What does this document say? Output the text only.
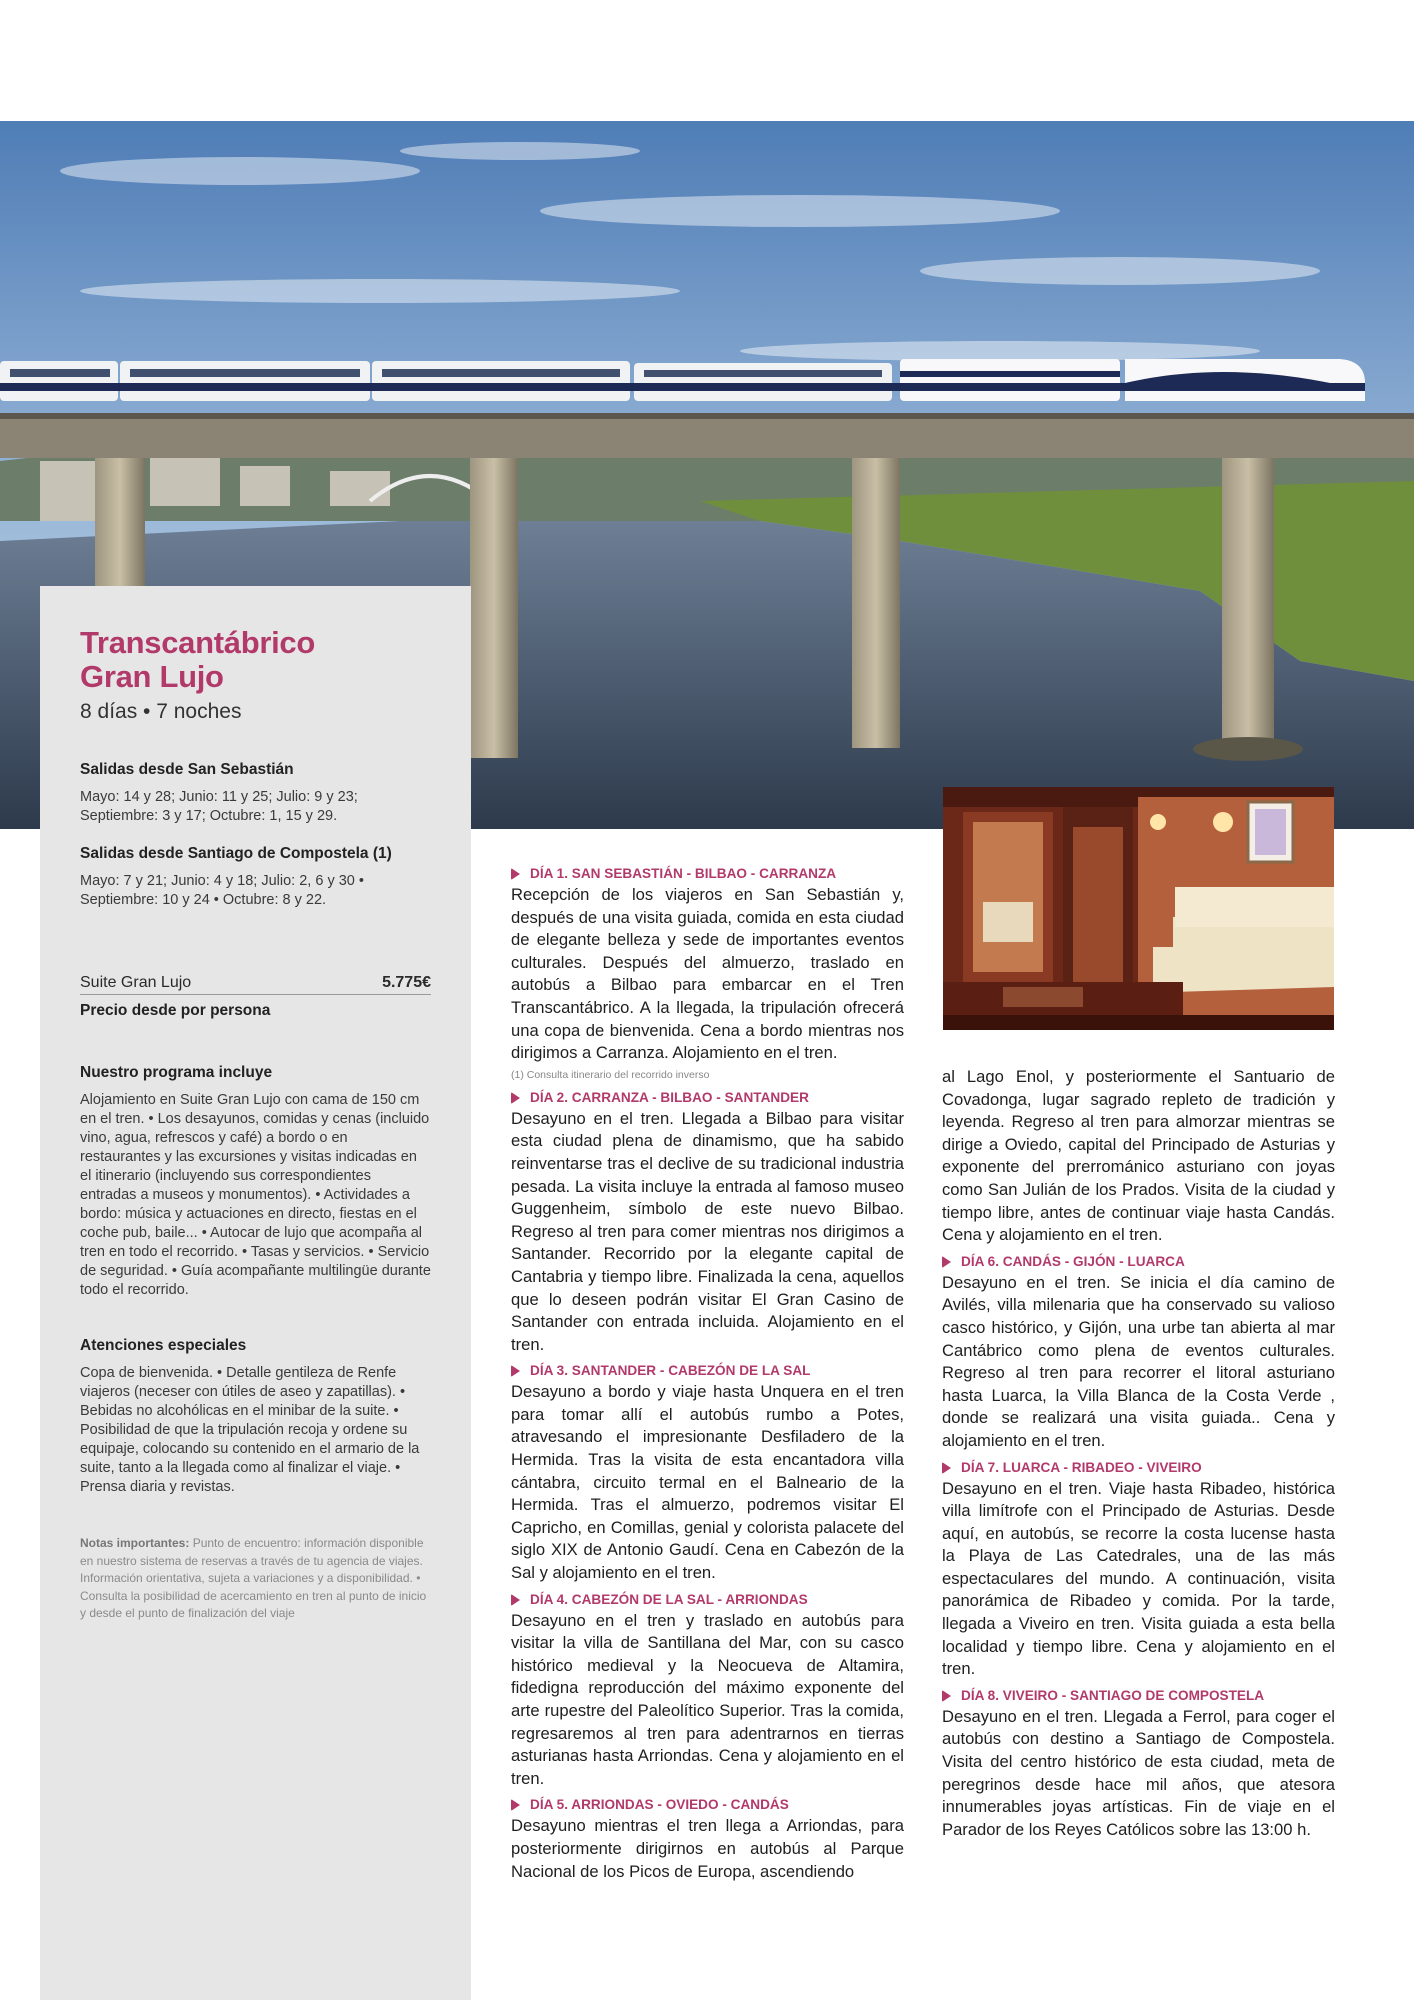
Transcantábrico
Gran Lujo
8 días • 7 noches
Salidas desde San Sebastián
Mayo: 14 y 28; Junio: 11 y 25; Julio: 9 y 23; Septiembre: 3 y 17; Octubre: 1, 15 y 29.
Salidas desde Santiago de Compostela (1)
Mayo: 7 y 21; Junio: 4 y 18; Julio: 2, 6 y 30 • Septiembre: 10 y 24 • Octubre: 8 y 22.
Suite Gran Lujo	5.775€
Precio desde por persona
Nuestro programa incluye
Alojamiento en Suite Gran Lujo con cama de 150 cm en el tren. • Los desayunos, comidas y cenas (incluido vino, agua, refrescos y café) a bordo o en restaurantes y las excursiones y visitas indicadas en el itinerario (incluyendo sus correspondientes entradas a museos y monumentos). • Actividades a bordo: música y actuaciones en directo, fiestas en el coche pub, baile... • Autocar de lujo que acompaña al tren en todo el recorrido. • Tasas y servicios. • Servicio de seguridad. • Guía acompañante multilingüe durante todo el recorrido.
Atenciones especiales
Copa de bienvenida. • Detalle gentileza de Renfe viajeros (neceser con útiles de aseo y zapatillas). • Bebidas no alcohólicas en el minibar de la suite. • Posibilidad de que la tripulación recoja y ordene su equipaje, colocando su contenido en el armario de la suite, tanto a la llegada como al finalizar el viaje. • Prensa diaria y revistas.
Notas importantes: Punto de encuentro: información disponible en nuestro sistema de reservas a través de tu agencia de viajes. Información orientativa, sujeta a variaciones y a disponibilidad. • Consulta la posibilidad de acercamiento en tren al punto de inicio y desde el punto de finalización del viaje
DÍA 1. SAN SEBASTIÁN - BILBAO - CARRANZA
Recepción de los viajeros en San Sebastián y, después de una visita guiada, comida en esta ciudad de elegante belleza y sede de importantes eventos culturales. Después del almuerzo, traslado en autobús a Bilbao para embarcar en el Tren Transcantábrico. A la llegada, la tripulación ofrecerá una copa de bienvenida. Cena a bordo mientras nos dirigimos a Carranza. Alojamiento en el tren.
(1) Consulta itinerario del recorrido inverso
DÍA 2. CARRANZA - BILBAO - SANTANDER
Desayuno en el tren. Llegada a Bilbao para visitar esta ciudad plena de dinamismo, que ha sabido reinventarse tras el declive de su tradicional industria pesada. La visita incluye la entrada al famoso museo Guggenheim, símbolo de este nuevo Bilbao. Regreso al tren para comer mientras nos dirigimos a Santander. Recorrido por la elegante capital de Cantabria y tiempo libre. Finalizada la cena, aquellos que lo deseen podrán visitar El Gran Casino de Santander con entrada incluida. Alojamiento en el tren.
DÍA 3. SANTANDER - CABEZÓN DE LA SAL
Desayuno a bordo y viaje hasta Unquera en el tren para tomar allí el autobús rumbo a Potes, atravesando el impresionante Desfiladero de la Hermida. Tras la visita de esta encantadora villa cántabra, circuito termal en el Balneario de la Hermida. Tras el almuerzo, podremos visitar El Capricho, en Comillas, genial y colorista palacete del siglo XIX de Antonio Gaudí. Cena en Cabezón de la Sal y alojamiento en el tren.
DÍA 4. CABEZÓN DE LA SAL - ARRIONDAS
Desayuno en el tren y traslado en autobús para visitar la villa de Santillana del Mar, con su casco histórico medieval y la Neocueva de Altamira, fidedigna reproducción del máximo exponente del arte rupestre del Paleolítico Superior. Tras la comida, regresaremos al tren para adentrarnos en tierras asturianas hasta Arriondas. Cena y alojamiento en el tren.
DÍA 5. ARRIONDAS - OVIEDO - CANDÁS
Desayuno mientras el tren llega a Arriondas, para posteriormente dirigirnos en autobús al Parque Nacional de los Picos de Europa, ascendiendo
al Lago Enol, y posteriormente el Santuario de Covadonga, lugar sagrado repleto de tradición y leyenda. Regreso al tren para almorzar mientras se dirige a Oviedo, capital del Principado de Asturias y exponente del prerrománico asturiano con joyas como San Julián de los Prados. Visita de la ciudad y tiempo libre, antes de continuar viaje hasta Candás. Cena y alojamiento en el tren.
DÍA 6. CANDÁS - GIJÓN - LUARCA
Desayuno en el tren. Se inicia el día camino de Avilés, villa milenaria que ha conservado su valioso casco histórico, y Gijón, una urbe tan abierta al mar Cantábrico como plena de eventos culturales. Regreso al tren para recorrer el litoral asturiano hasta Luarca, la Villa Blanca de la Costa Verde , donde se realizará una visita guiada.. Cena y alojamiento en el tren.
DÍA 7. LUARCA - RIBADEO - VIVEIRO
Desayuno en el tren. Viaje hasta Ribadeo, histórica villa limítrofe con el Principado de Asturias. Desde aquí, en autobús, se recorre la costa lucense hasta la Playa de Las Catedrales, una de las más espectaculares del mundo. A continuación, visita panorámica de Ribadeo y comida. Por la tarde, llegada a Viveiro en tren. Visita guiada a esta bella localidad y tiempo libre. Cena y alojamiento en el tren.
DÍA 8. VIVEIRO - SANTIAGO DE COMPOSTELA
Desayuno en el tren. Llegada a Ferrol, para coger el autobús con destino a Santiago de Compostela. Visita del centro histórico de esta ciudad, meta de peregrinos desde hace mil años, que atesora innumerables joyas artísticas. Fin de viaje en el Parador de los Reyes Católicos sobre las 13:00 h.
